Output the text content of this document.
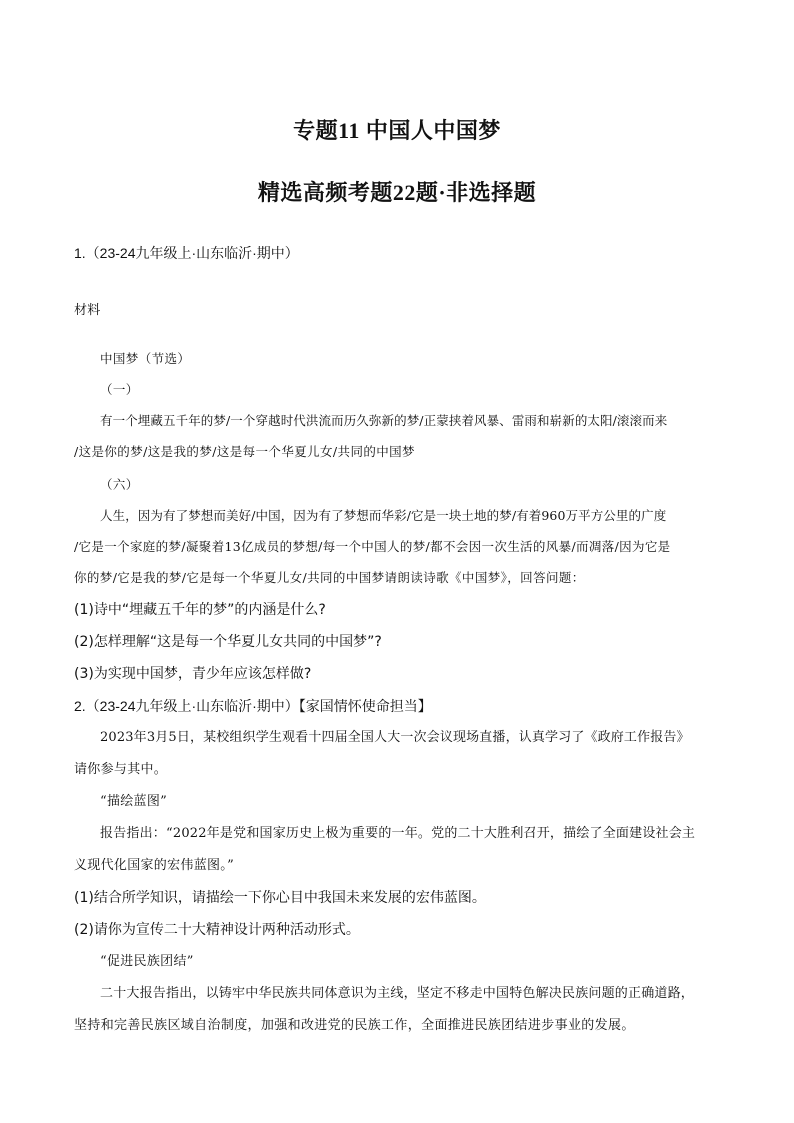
专题11 中国人中国梦
精选高频考题22题·非选择题
1.（23-24九年级上·山东临沂·期中）
材料
中国梦（节选）
（一）
有一个埋藏五千年的梦/一个穿越时代洪流而历久弥新的梦/正蒙挟着风暴、雷雨和崭新的太阳/滚滚而来
/这是你的梦/这是我的梦/这是每一个华夏儿女/共同的中国梦
（六）
人生，因为有了梦想而美好/中国，因为有了梦想而华彩/它是一块土地的梦/有着960万平方公里的广度
/它是一个家庭的梦/凝聚着13亿成员的梦想/每一个中国人的梦/都不会因一次生活的风暴/而凋落/因为它是
你的梦/它是我的梦/它是每一个华夏儿女/共同的中国梦请朗读诗歌《中国梦》，回答问题：
(1)诗中“埋藏五千年的梦”的内涵是什么?
(2)怎样理解“这是每一个华夏儿女共同的中国梦”?
(3)为实现中国梦，青少年应该怎样做?
2.（23-24九年级上·山东临沂·期中）【家国情怀使命担当】
2023年3月5日，某校组织学生观看十四届全国人大一次会议现场直播，认真学习了《政府工作报告》
请你参与其中。
“描绘蓝图”
报告指出：“2022年是党和国家历史上极为重要的一年。党的二十大胜利召开，描绘了全面建设社会主
义现代化国家的宏伟蓝图。”
(1)结合所学知识，请描绘一下你心目中我国未来发展的宏伟蓝图。
(2)请你为宣传二十大精神设计两种活动形式。
“促进民族团结”
二十大报告指出，以铸牢中华民族共同体意识为主线，坚定不移走中国特色解决民族问题的正确道路，
坚持和完善民族区域自治制度，加强和改进党的民族工作，全面推进民族团结进步事业的发展。
